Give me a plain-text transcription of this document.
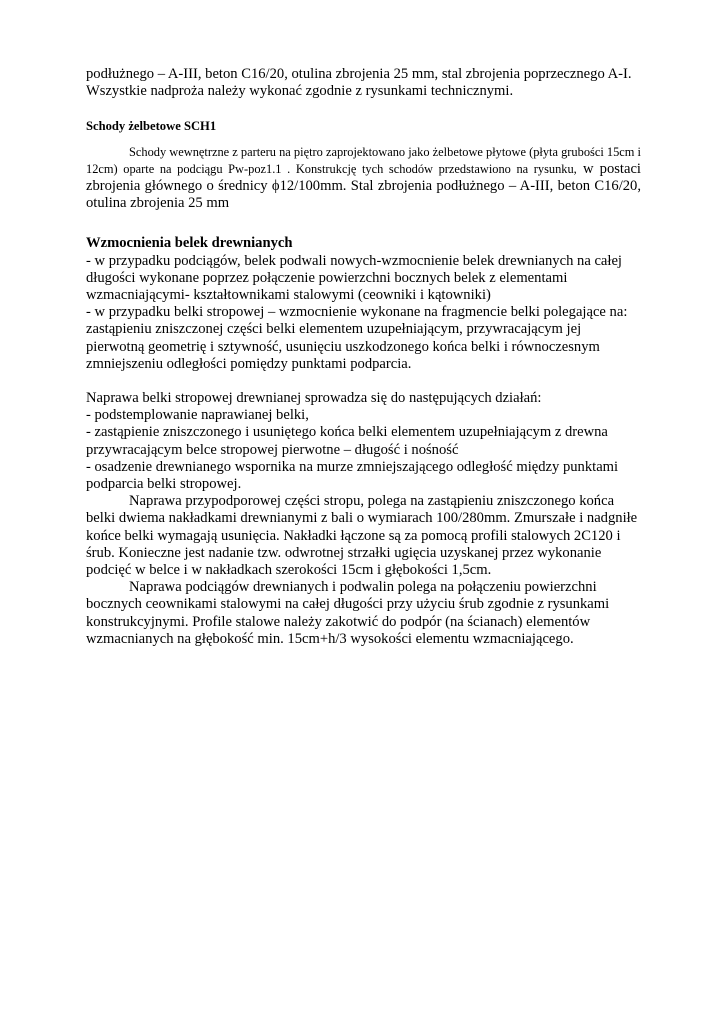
podłużnego – A-III, beton C16/20, otulina zbrojenia 25 mm, stal zbrojenia poprzecznego A-I.

Wszystkie nadproża należy wykonać zgodnie z rysunkami technicznymi.

Schody żelbetowe SCH1

Schody wewnętrzne z parteru na piętro zaprojektowano jako żelbetowe płytowe (płyta grubości 15cm i 12cm) oparte na podciągu Pw-poz1.1 . Konstrukcję tych schodów przedstawiono na rysunku, w postaci zbrojenia głównego o średnicy ϕ12/100mm. Stal zbrojenia podłużnego – A-III, beton C16/20, otulina zbrojenia 25 mm

Wzmocnienia belek drewnianych

- w przypadku podciągów, belek podwali nowych-wzmocnienie belek drewnianych na całej

długości wykonane poprzez połączenie powierzchni bocznych belek z elementami

wzmacniającymi- kształtownikami stalowymi (ceowniki i kątowniki)

- w przypadku belki stropowej – wzmocnienie wykonane na fragmencie belki polegające na:

zastąpieniu zniszczonej części belki elementem uzupełniającym, przywracającym jej

pierwotną geometrię i sztywność, usunięciu uszkodzonego końca belki i równoczesnym

zmniejszeniu odległości pomiędzy punktami podparcia.

Naprawa belki stropowej drewnianej sprowadza się do następujących działań:

- podstemplowanie naprawianej belki,

- zastąpienie zniszczonego i usuniętego końca belki elementem uzupełniającym z drewna

przywracającym belce stropowej pierwotne – długość i nośność

- osadzenie drewnianego wspornika na murze zmniejszającego odległość między punktami

podparcia belki stropowej.

Naprawa przypodporowej części stropu, polega na zastąpieniu zniszczonego końca

belki dwiema nakładkami drewnianymi z bali o wymiarach 100/280mm. Zmurszałe i nadgniłe

końce belki wymagają usunięcia. Nakładki łączone są za pomocą profili stalowych 2C120 i

śrub. Konieczne jest nadanie tzw. odwrotnej strzałki ugięcia uzyskanej przez wykonanie

podcięć w belce i w nakładkach szerokości 15cm i głębokości 1,5cm.

Naprawa podciągów drewnianych i podwalin polega na połączeniu powierzchni

bocznych ceownikami stalowymi na całej długości przy użyciu śrub zgodnie z rysunkami

konstrukcyjnymi. Profile stalowe należy zakotwić do podpór (na ścianach) elementów

wzmacnianych na głębokość min. 15cm+h/3 wysokości elementu wzmacniającego.
